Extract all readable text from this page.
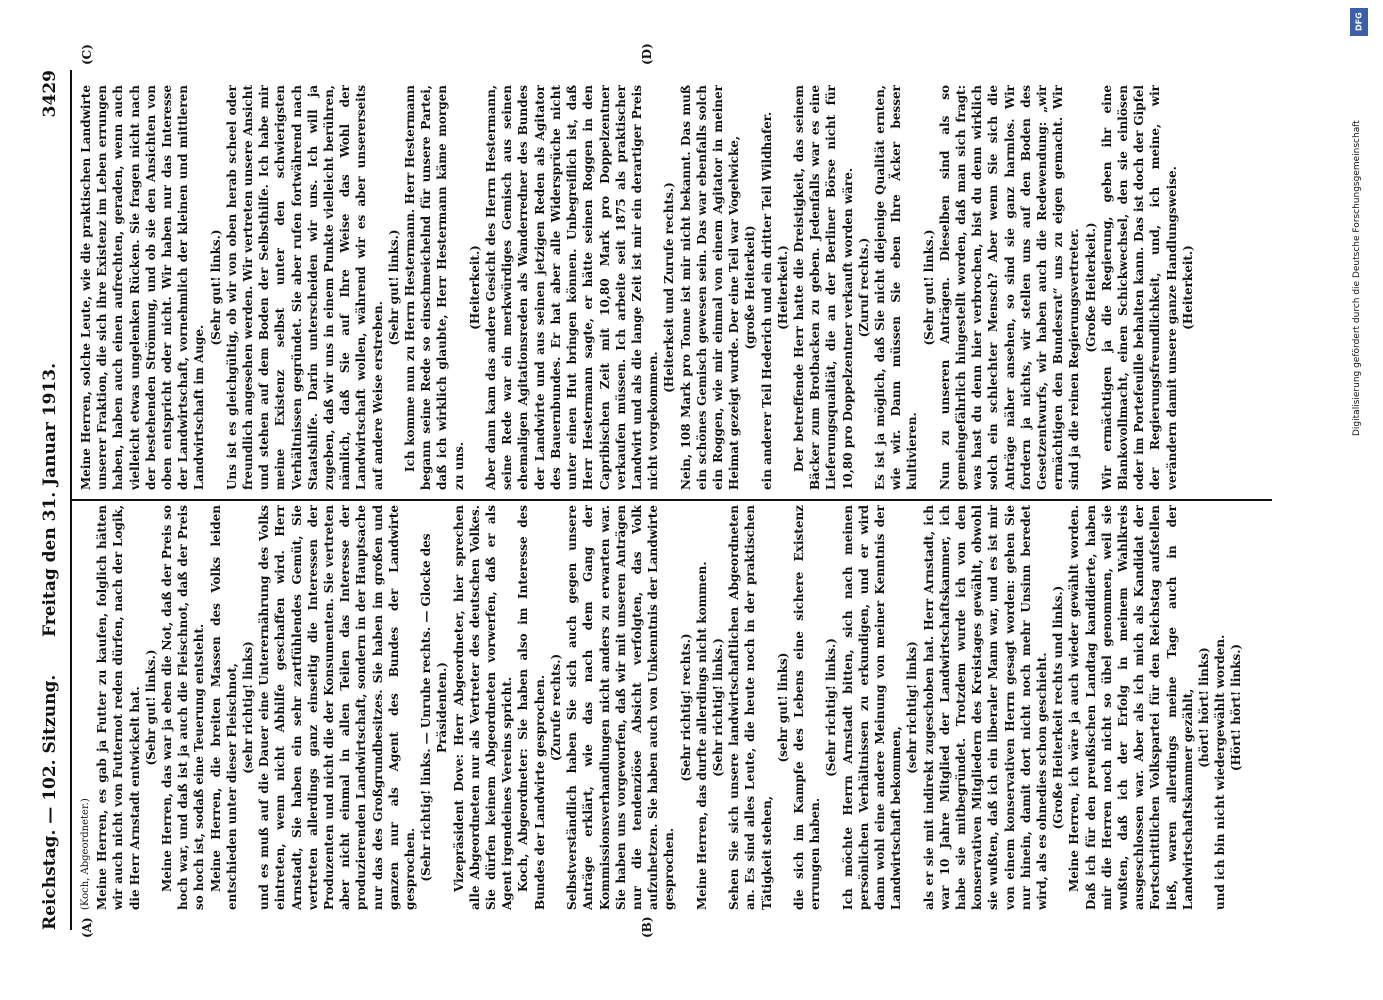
Reichstag. — 102. Sitzung.
Freitag den 31. Januar 1913.
3429
(A)	(B)
(C)	(D)

(Koch, Abgeordneter.) Meine Herren, es gab ja Futter zu kaufen, folglich hätten wir auch nicht von Futternot reden dürfen, nach der Logik, die Herr Arnstadt entwickelt hat. (Sehr gut! links.) Meine Herren, das war ja eben die Not, daß der Preis so hoch war, und daß ist ja auch die Fleischnot, daß der Preis so hoch ist, sodaß eine Teuerung entsteht. Meine Herren, die breiten Massen des Volks leiden entschieden unter dieser Fleischnot, (sehr richtig! links) und es muß auf die Dauer eine Unterernährung des Volks eintreten, wenn nicht Abhilfe geschaffen wird. Herr Arnstadt, Sie haben ein sehr zartfühlendes Gemüt, Sie vertreten allerdings ganz einseitig die Interessen der Produzenten und nicht die der Konsumenten. Sie vertreten aber nicht einmal in allen Teilen das Interesse der produzierenden Landwirtschaft, sondern in der Hauptsache nur das des Großgrundbesitzes. Sie haben im großen und ganzen nur als Agent des Bundes der Landwirte gesprochen. (Sehr richtig! links. — Unruhe rechts. — Glocke des Präsidenten.) Vizepräsident Dove: Herr Abgeordneter, hier sprechen alle Abgeordneten nur als Vertreter des deutschen Volkes. Sie dürfen keinem Abgeordneten vorwerfen, daß er als Agent irgendeines Vereins spricht. Koch, Abgeordneter: Sie haben also im Interesse des Bundes der Landwirte gesprochen. (Zurufe rechts.) Selbstverständlich haben Sie sich auch gegen unsere Anträge erklärt, wie das nach dem Gang der Kommissionsverhandlungen nicht anders zu erwarten war. Sie haben uns vorgeworfen, daß wir mit unseren Anträgen nur die tendenziöse Absicht verfolgten, das Volk aufzuhetzen. Sie haben auch von Unkenntnis der Landwirte gesprochen.

(Sehr richtig! rechts.) Meine Herren, das durfte allerdings nicht kommen. (Sehr richtig! links.) Sehen Sie sich unsere landwirtschaftlichen Abgeordneten an. Es sind alles Leute, die heute noch in der praktischen Tätigkeit stehen,

(sehr gut! links) die sich im Kampfe des Lebens eine sichere Existenz errungen haben.

(Sehr richtig! links.) Ich möchte Herrn Arnstadt bitten, sich nach meinen persönlichen Verhältnissen zu erkundigen, und er wird dann wohl eine andere Meinung von meiner Kenntnis der Landwirtschaft bekommen,

(sehr richtig! links) als er sie mit indirekt zugeschoben hat. Herr Arnstadt, ich war 10 Jahre Mitglied der Landwirtschaftskammer, ich habe sie mitbegründet. Trotzdem wurde ich von den konservativen Mitgliedern des Kreistages gewählt, obwohl sie wußten, daß ich ein liberaler Mann war, und es ist mir von einem konservativen Herrn gesagt worden: gehen Sie nur hinein, damit dort nicht noch mehr Unsinn beredet wird, als es ohnedies schon geschieht. (Große Heiterkeit rechts und links.) Meine Herren, ich wäre ja auch wieder gewählt worden. Daß ich für den preußischen Landtag kandidierte, haben mir die Herren noch nicht so übel genommen, weil sie wußten, daß ich der Erfolg in meinem Wahlkreis ausgeschlossen war. Aber als ich mich als Kandidat der Fortschrittlichen Volkspartei für den Reichstag aufstellen ließ, waren allerdings meine Tage auch in der Landwirtschaftskammer gezählt, (hört! hört! links) und ich bin nicht wiedergewählt worden. (Hört! hört! links.)

Meine Herren, solche Leute, wie die praktischen Landwirte unserer Fraktion, die sich ihre Existenz im Leben errungen haben, haben auch einen aufrechten, geraden, wenn auch vielleicht etwas ungelenken Rücken. Sie fragen nicht nach der bestehenden Strömung, und ob sie den Ansichten von oben entspricht oder nicht. Wir haben nur das Interesse der Landwirtschaft, vornehmlich der kleinen und mittleren Landwirtschaft im Auge.

(Sehr gut! links.) Uns ist es gleichgültig, ob wir von oben herab scheel oder freundlich angesehen werden. Wir vertreten unsere Ansicht und stehen auf dem Boden der Selbsthilfe. Ich habe mir meine Existenz selbst unter den schwierigsten Verhältnissen gegründet. Sie aber rufen fortwährend nach Staatshilfe. Darin unterscheiden wir uns. Ich will ja zugeben, daß wir uns in einem Punkte vielleicht berühren, nämlich, daß Sie auf Ihre Weise das Wohl der Landwirtschaft wollen, während wir es aber unsererseits auf andere Weise erstreben.

(Sehr gut! links.) Ich komme nun zu Herrn Hestermann. Herr Hestermann begann seine Rede so einschmeichelnd für unsere Partei, daß ich wirklich glaubte, Herr Hestermann käme morgen zu uns.

(Heiterkeit.) Aber dann kam das andere Gesicht des Herrn Hestermann, seine Rede war ein merkwürdiges Gemisch aus seinen ehemaligen Agitationsreden als Wanderredner des Bundes der Landwirte und aus seinen jetzigen Reden als Agitator des Bauernbundes. Er hat aber alle Widersprüche nicht unter einen Hut bringen können. Unbegreiflich ist, daß Herr Hestermann sagte, er hätte seinen Roggen in den Capribischen Zeit mit 10,80 Mark pro Doppelzentner verkaufen müssen. Ich arbeite seit 1875 als praktischer Landwirt und als die lange Zeit ist mir ein derartiger Preis nicht vorgekommen.

(Heiterkeit und Zurufe rechts.) Nein, 108 Mark pro Tonne ist mir nicht bekannt. Das muß ein schönes Gemisch gewesen sein. Das war ebenfalls solch ein Roggen, wie mir einmal von einem Agitator in meiner Heimat gezeigt wurde. Der eine Teil war Vogelwicke, (große Heiterkeit) ein anderer Teil Hederich und ein dritter Teil Wildhafer. (Heiterkeit.) Der betreffende Herr hatte die Dreistigkeit, das seinem Bäcker zum Brotbacken zu geben. Jedenfalls war es eine Lieferungsqualität, die an der Berliner Börse nicht für 10,80 pro Doppelzentner verkauft worden wäre. (Zuruf rechts.) Es ist ja möglich, daß Sie nicht diejenige Qualität ernten, wie wir. Dann müssen Sie eben Ihre Äcker besser kultivieren.

(Sehr gut! links.) Nun zu unseren Anträgen. Dieselben sind als so gemeingefährlich hingestellt worden, daß man sich fragt: was hast du denn hier verbrochen, bist du denn wirklich solch ein schlechter Mensch? Aber wenn Sie sich die Anträge näher ansehen, so sind sie ganz harmlos. Wir fordern ja nichts, wir stellen uns auf den Boden des Gesetzentwurfs, wir haben auch die Redewendung: „wir ermächtigen den Bundesrat“ uns zu eigen gemacht. Wir sind ja die reinen Regierungsvertreter. (Große Heiterkeit.) Wir ermächtigen ja die Regierung, geben ihr eine Blankovollmacht, einen Schickwechsel, den sie einlösen oder im Portefeuille behalten kann. Das ist doch der Gipfel der Regierungsfreundlichkeit, und, ich meine, wir verändern damit unsere ganze Handlungsweise. (Heiterkeit.)

DFG
Digitalisierung gefördert durch die Deutsche Forschungsgemeinschaft
